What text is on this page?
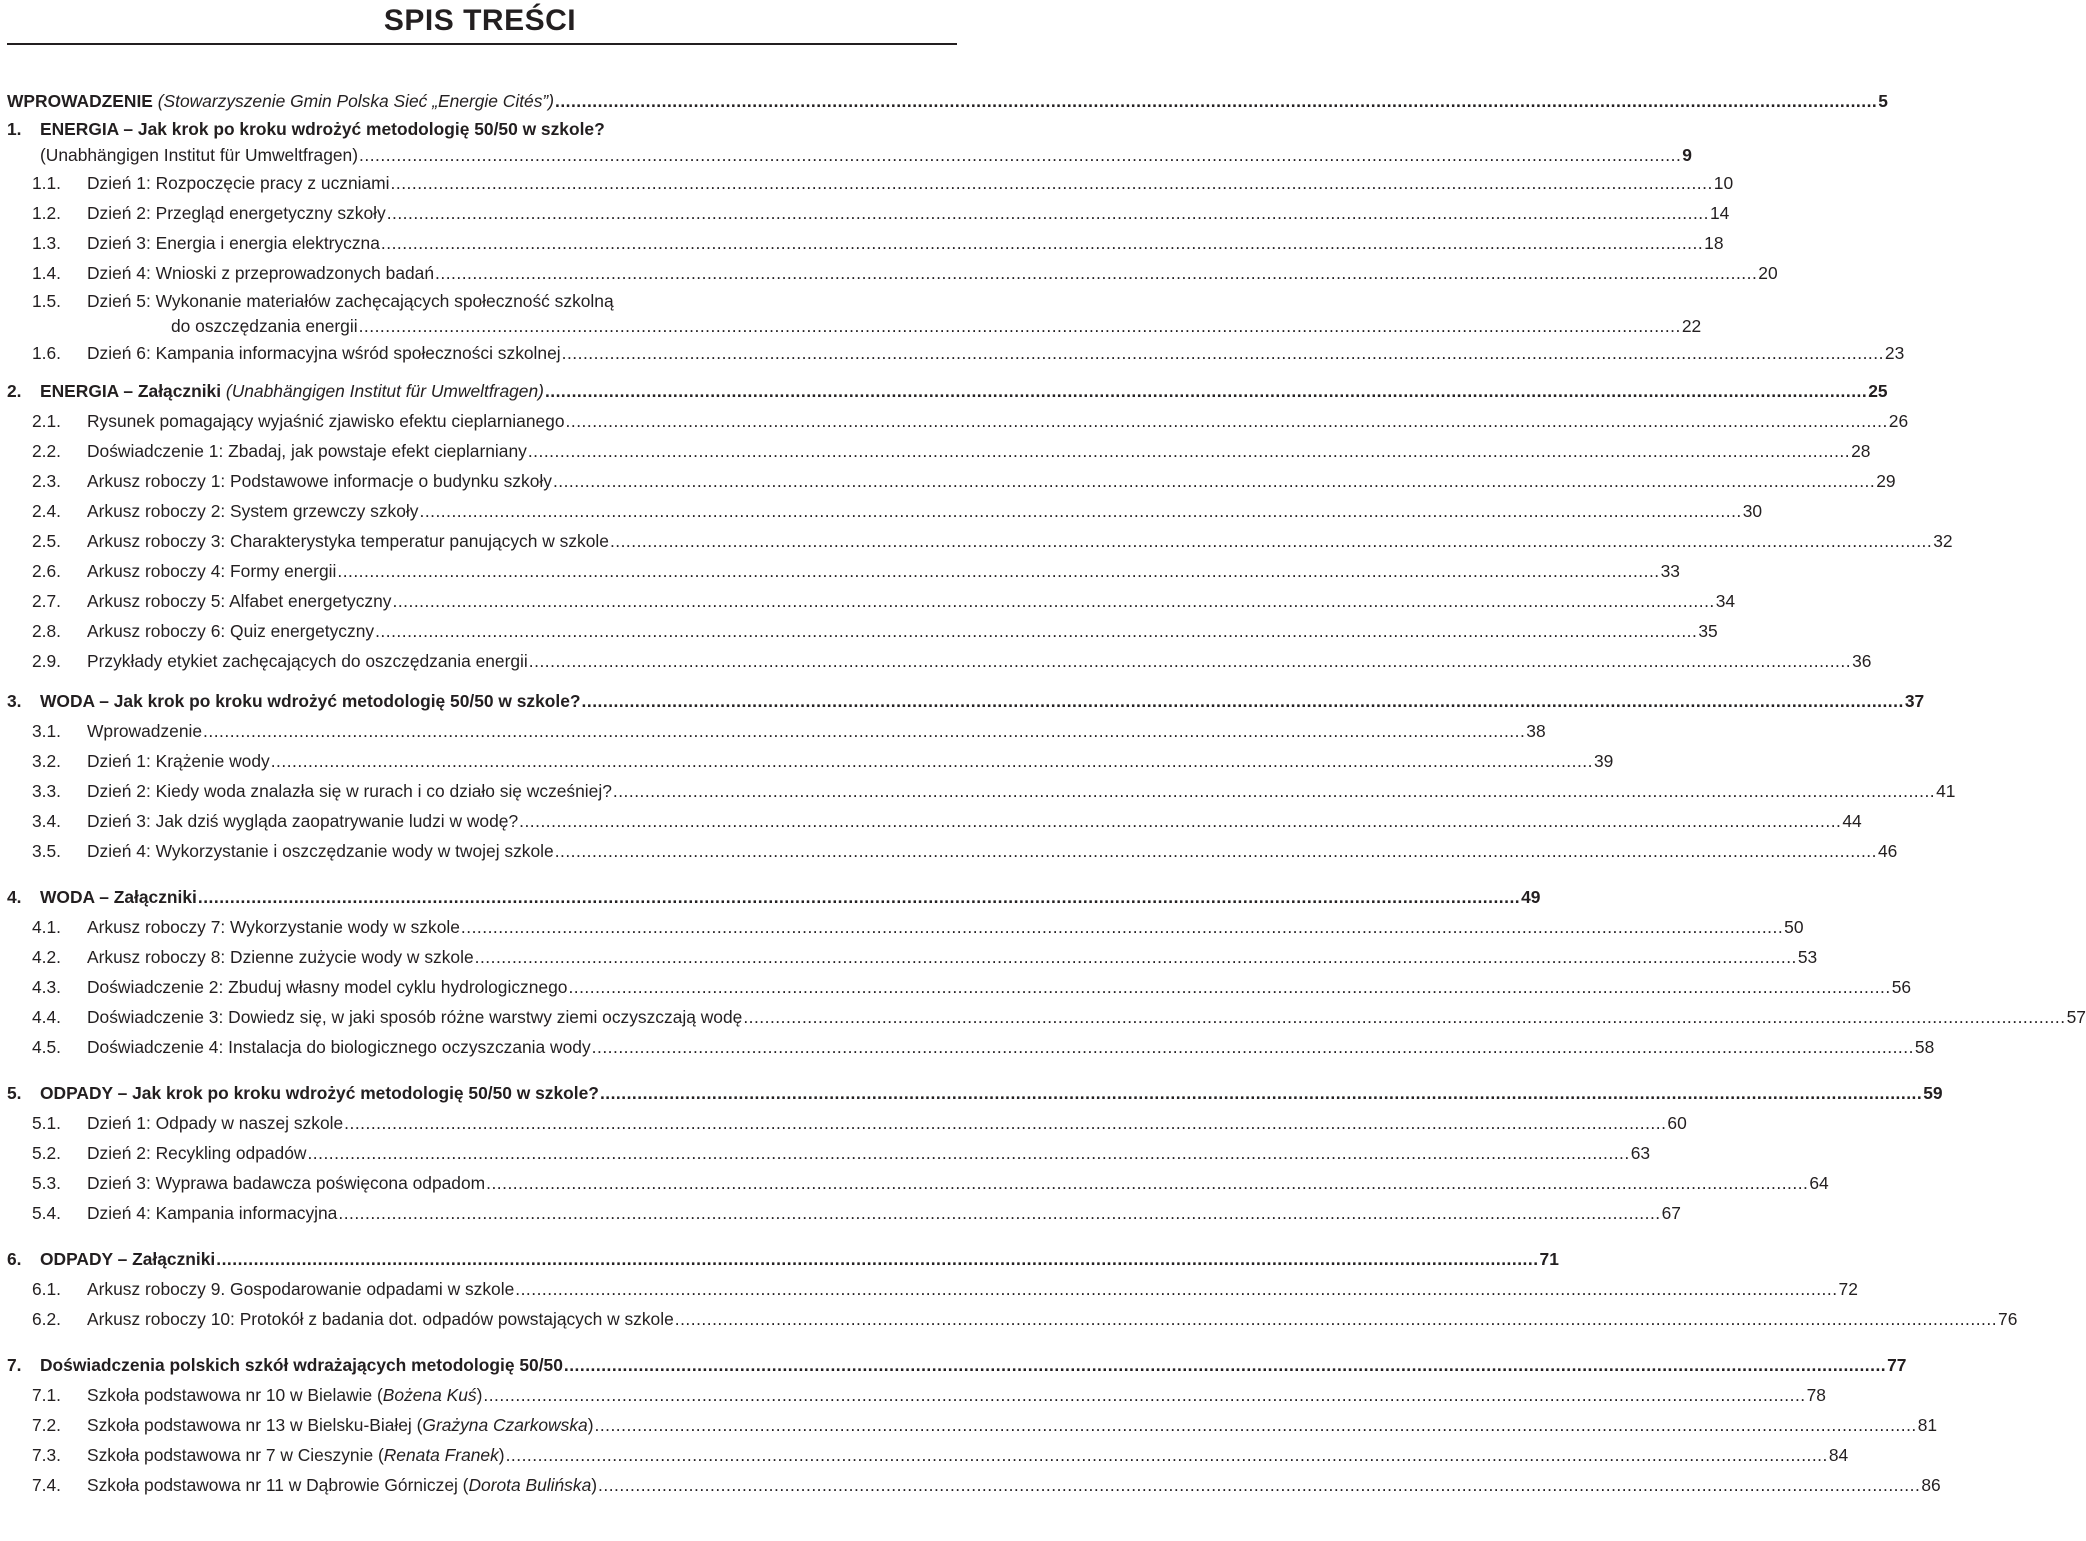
SPIS TREŚCI
WPROWADZENIE (Stowarzyszenie Gmin Polska Sieć „Energie Cités”) .....	5
1.	ENERGIA – Jak krok po kroku wdrożyć metodologię 50/50 w szkole?
(Unabhängigen Institut für Umweltfragen) .....	9
1.1.	Dzień 1: Rozpoczęcie pracy z uczniami .....	10
1.2.	Dzień 2: Przegląd energetyczny szkoły .....	14
1.3.	Dzień 3: Energia i energia elektryczna .....	18
1.4.	Dzień 4: Wnioski z przeprowadzonych badań .....	20
1.5.	Dzień 5: Wykonanie materiałów zachęcających społeczność szkolną
do oszczędzania energii .....	22
1.6.	Dzień 6: Kampania informacyjna wśród społeczności szkolnej .....	23
2.	ENERGIA – Załączniki (Unabhängigen Institut für Umweltfragen) .....	25
2.1.	Rysunek pomagający wyjaśnić zjawisko efektu cieplarnianego .....	26
2.2.	Doświadczenie 1: Zbadaj, jak powstaje efekt cieplarniany .....	28
2.3.	Arkusz roboczy 1: Podstawowe informacje o budynku szkoły .....	29
2.4.	Arkusz roboczy 2: System grzewczy szkoły .....	30
2.5.	Arkusz roboczy 3: Charakterystyka temperatur panujących w szkole .....	32
2.6.	Arkusz roboczy 4: Formy energii .....	33
2.7.	Arkusz roboczy 5: Alfabet energetyczny .....	34
2.8.	Arkusz roboczy 6: Quiz energetyczny .....	35
2.9.	Przykłady etykiet zachęcających do oszczędzania energii .....	36
3.	WODA – Jak krok po kroku wdrożyć metodologię 50/50 w szkole? .....	37
3.1.	Wprowadzenie .....	38
3.2.	Dzień 1: Krążenie wody .....	39
3.3.	Dzień 2: Kiedy woda znalazła się w rurach i co działo się wcześniej? .....	41
3.4.	Dzień 3: Jak dziś wygląda zaopatrywanie ludzi w wodę? .....	44
3.5.	Dzień 4: Wykorzystanie i oszczędzanie wody w twojej szkole .....	46
4.	WODA – Załączniki .....	49
4.1.	Arkusz roboczy 7: Wykorzystanie wody w szkole .....	50
4.2.	Arkusz roboczy 8: Dzienne zużycie wody w szkole .....	53
4.3.	Doświadczenie 2: Zbuduj własny model cyklu hydrologicznego .....	56
4.4.	Doświadczenie 3: Dowiedz się, w jaki sposób różne warstwy ziemi oczyszczają wodę .....	57
4.5.	Doświadczenie 4: Instalacja do biologicznego oczyszczania wody .....	58
5.	ODPADY – Jak krok po kroku wdrożyć metodologię 50/50 w szkole? .....	59
5.1.	Dzień 1: Odpady w naszej szkole .....	60
5.2.	Dzień 2: Recykling odpadów .....	63
5.3.	Dzień 3: Wyprawa badawcza poświęcona odpadom .....	64
5.4.	Dzień 4: Kampania informacyjna .....	67
6.	ODPADY – Załączniki .....	71
6.1.	Arkusz roboczy 9. Gospodarowanie odpadami w szkole .....	72
6.2.	Arkusz roboczy 10: Protokół z badania dot. odpadów powstających w szkole .....	76
7.	Doświadczenia polskich szkół wdrażających metodologię 50/50 .....	77
7.1.	Szkoła podstawowa nr 10 w Bielawie (Bożena Kuś) .....	78
7.2.	Szkoła podstawowa nr 13 w Bielsku-Białej (Grażyna Czarkowska) .....	81
7.3.	Szkoła podstawowa nr 7 w Cieszynie (Renata Franek) .....	84
7.4.	Szkoła podstawowa nr 11 w Dąbrowie Górniczej (Dorota Bulińska) .....	86
